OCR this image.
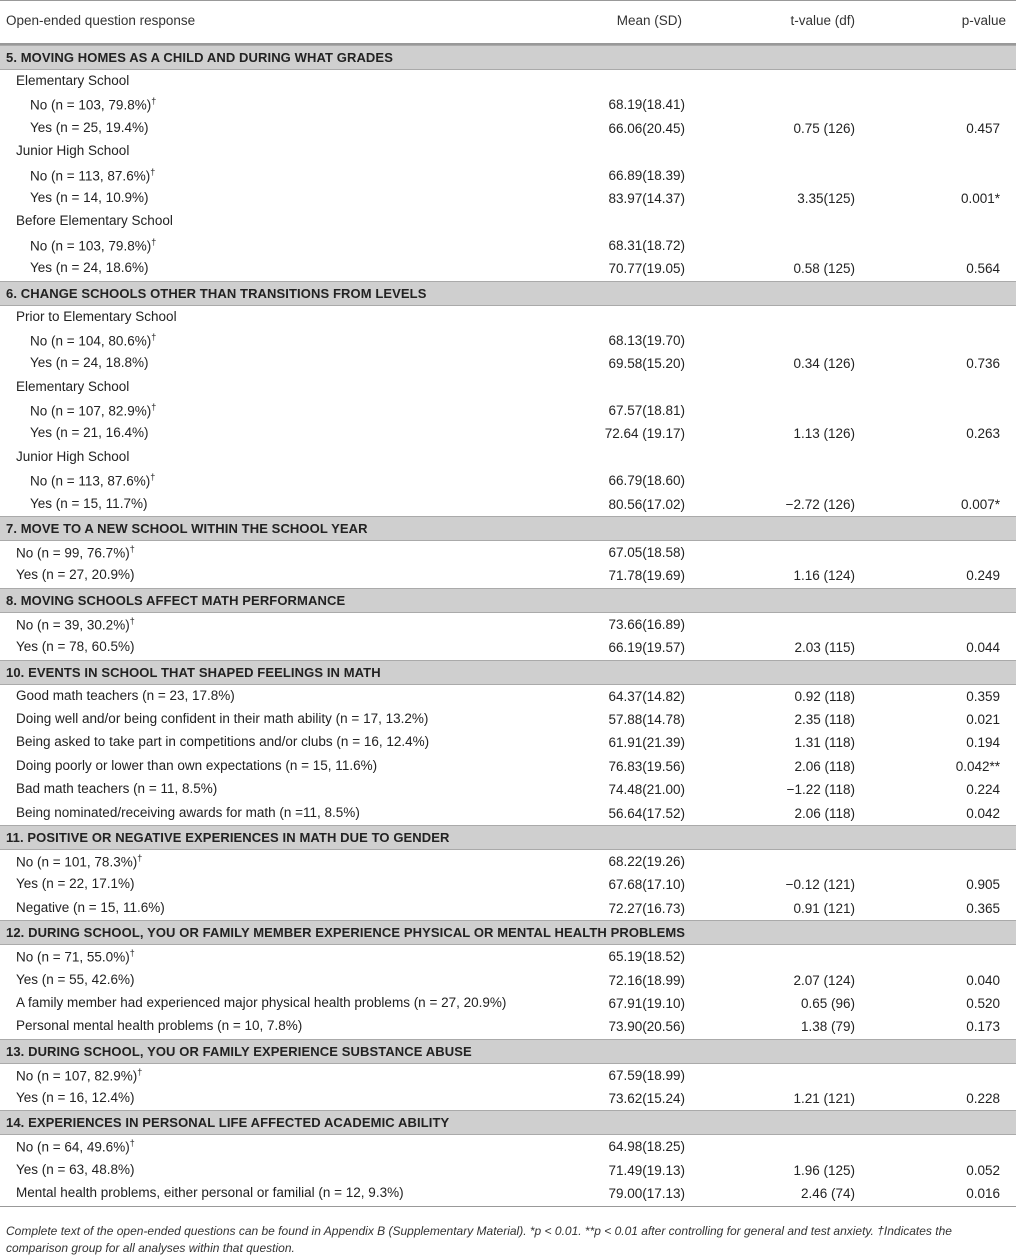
Open-ended question response	Mean (SD)	t-value (df)	p-value
5. MOVING HOMES AS A CHILD AND DURING WHAT GRADES
Elementary School
No (n = 103, 79.8%)†	68.19(18.41)
Yes (n = 25, 19.4%)	66.06(20.45)	0.75 (126)	0.457
Junior High School
No (n = 113, 87.6%)†	66.89(18.39)
Yes (n = 14, 10.9%)	83.97(14.37)	3.35(125)	0.001*
Before Elementary School
No (n = 103, 79.8%)†	68.31(18.72)
Yes (n = 24, 18.6%)	70.77(19.05)	0.58 (125)	0.564
6. CHANGE SCHOOLS OTHER THAN TRANSITIONS FROM LEVELS
Prior to Elementary School
No (n = 104, 80.6%)†	68.13(19.70)
Yes (n = 24, 18.8%)	69.58(15.20)	0.34 (126)	0.736
Elementary School
No (n = 107, 82.9%)†	67.57(18.81)
Yes (n = 21, 16.4%)	72.64 (19.17)	1.13 (126)	0.263
Junior High School
No (n = 113, 87.6%)†	66.79(18.60)
Yes (n = 15, 11.7%)	80.56(17.02)	−2.72 (126)	0.007*
7. MOVE TO A NEW SCHOOL WITHIN THE SCHOOL YEAR
No (n = 99, 76.7%)†	67.05(18.58)
Yes (n = 27, 20.9%)	71.78(19.69)	1.16 (124)	0.249
8. MOVING SCHOOLS AFFECT MATH PERFORMANCE
No (n = 39, 30.2%)†	73.66(16.89)
Yes (n = 78, 60.5%)	66.19(19.57)	2.03 (115)	0.044
10. EVENTS IN SCHOOL THAT SHAPED FEELINGS IN MATH
Good math teachers (n = 23, 17.8%)	64.37(14.82)	0.92 (118)	0.359
Doing well and/or being confident in their math ability (n = 17, 13.2%)	57.88(14.78)	2.35 (118)	0.021
Being asked to take part in competitions and/or clubs (n = 16, 12.4%)	61.91(21.39)	1.31 (118)	0.194
Doing poorly or lower than own expectations (n = 15, 11.6%)	76.83(19.56)	2.06 (118)	0.042**
Bad math teachers (n = 11, 8.5%)	74.48(21.00)	−1.22 (118)	0.224
Being nominated/receiving awards for math (n =11, 8.5%)	56.64(17.52)	2.06 (118)	0.042
11. POSITIVE OR NEGATIVE EXPERIENCES IN MATH DUE TO GENDER
No (n = 101, 78.3%)†	68.22(19.26)
Yes (n = 22, 17.1%)	67.68(17.10)	−0.12 (121)	0.905
Negative (n = 15, 11.6%)	72.27(16.73)	0.91 (121)	0.365
12. DURING SCHOOL, YOU OR FAMILY MEMBER EXPERIENCE PHYSICAL OR MENTAL HEALTH PROBLEMS
No (n = 71, 55.0%)†	65.19(18.52)
Yes (n = 55, 42.6%)	72.16(18.99)	2.07 (124)	0.040
A family member had experienced major physical health problems (n = 27, 20.9%)	67.91(19.10)	0.65 (96)	0.520
Personal mental health problems (n = 10, 7.8%)	73.90(20.56)	1.38 (79)	0.173
13. DURING SCHOOL, YOU OR FAMILY EXPERIENCE SUBSTANCE ABUSE
No (n = 107, 82.9%)†	67.59(18.99)
Yes (n = 16, 12.4%)	73.62(15.24)	1.21 (121)	0.228
14. EXPERIENCES IN PERSONAL LIFE AFFECTED ACADEMIC ABILITY
No (n = 64, 49.6%)†	64.98(18.25)
Yes (n = 63, 48.8%)	71.49(19.13)	1.96 (125)	0.052
Mental health problems, either personal or familial (n = 12, 9.3%)	79.00(17.13)	2.46 (74)	0.016
Complete text of the open-ended questions can be found in Appendix B (Supplementary Material). *p < 0.01. **p < 0.01 after controlling for general and test anxiety. †Indicates the comparison group for all analyses within that question.
